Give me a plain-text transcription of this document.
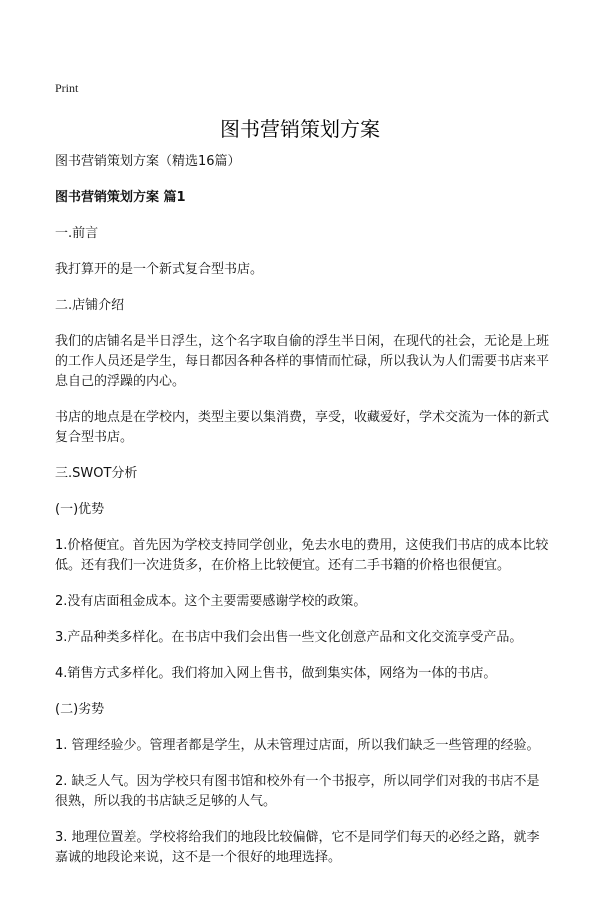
Print
图书营销策划方案

图书营销策划方案（精选16篇）

图书营销策划方案 篇1

一.前言

我打算开的是一个新式复合型书店。

二.店铺介绍

我们的店铺名是半日浮生，这个名字取自偷的浮生半日闲，在现代的社会，无论是上班的工作人员还是学生，每日都因各种各样的事情而忙碌，所以我认为人们需要书店来平息自己的浮躁的内心。

书店的地点是在学校内，类型主要以集消费，享受，收藏爱好，学术交流为一体的新式复合型书店。

三.SWOT分析

(一)优势

1.价格便宜。首先因为学校支持同学创业，免去水电的费用，这使我们书店的成本比较低。还有我们一次进货多，在价格上比较便宜。还有二手书籍的价格也很便宜。

2.没有店面租金成本。这个主要需要感谢学校的政策。

3.产品种类多样化。在书店中我们会出售一些文化创意产品和文化交流享受产品。

4.销售方式多样化。我们将加入网上售书，做到集实体，网络为一体的书店。

(二)劣势

1. 管理经验少。管理者都是学生，从未管理过店面，所以我们缺乏一些管理的经验。

2. 缺乏人气。因为学校只有图书馆和校外有一个书报亭，所以同学们对我的书店不是很熟，所以我的书店缺乏足够的人气。

3. 地理位置差。学校将给我们的地段比较偏僻，它不是同学们每天的必经之路，就李嘉诚的地段论来说，这不是一个很好的地理选择。
